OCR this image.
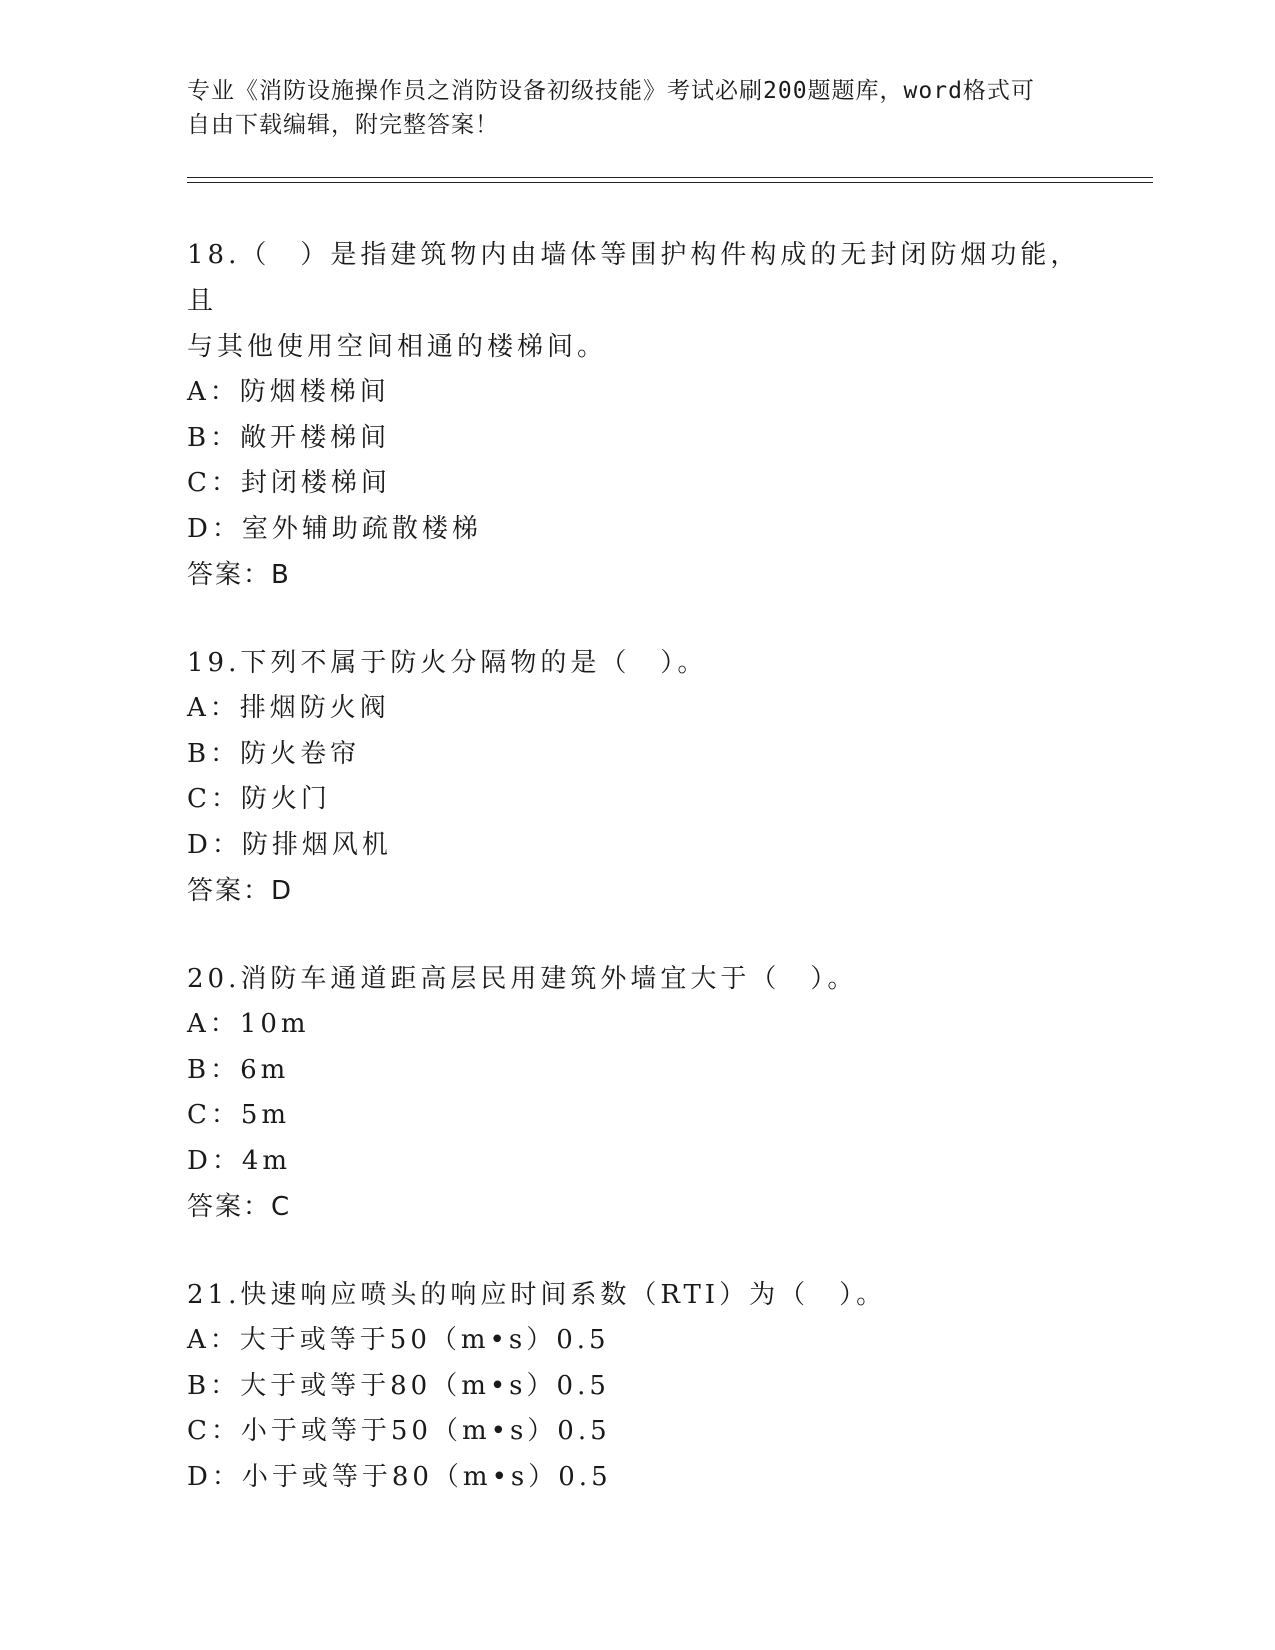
专业《消防设施操作员之消防设备初级技能》考试必刷200题题库，word格式可
自由下载编辑，附完整答案！

18.（　）是指建筑物内由墙体等围护构件构成的无封闭防烟功能，且

与其他使用空间相通的楼梯间。

A：防烟楼梯间

B：敞开楼梯间

C：封闭楼梯间

D：室外辅助疏散楼梯

答案：B

19.下列不属于防火分隔物的是（　）。

A：排烟防火阀

B：防火卷帘

C：防火门

D：防排烟风机

答案：D

20.消防车通道距高层民用建筑外墙宜大于（　）。

A：10m

B：6m

C：5m

D：4m

答案：C

21.快速响应喷头的响应时间系数（RTI）为（　）。

A：大于或等于50（m•s）0.5

B：大于或等于80（m•s）0.5

C：小于或等于50（m•s）0.5

D：小于或等于80（m•s）0.5
